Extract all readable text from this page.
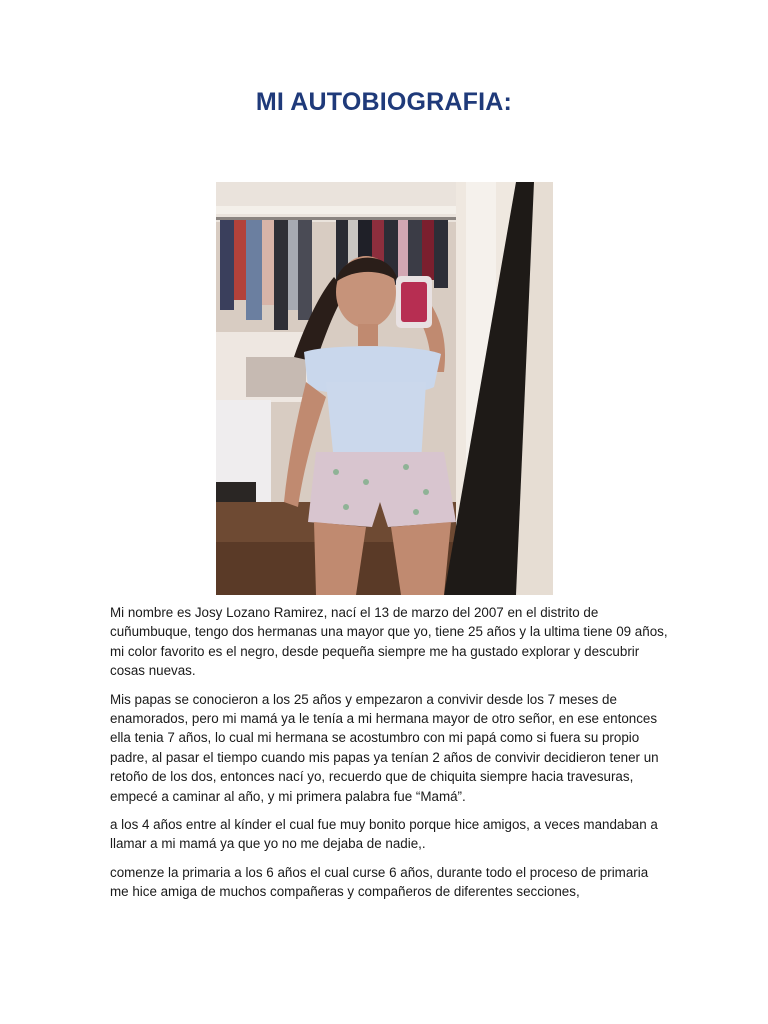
MI AUTOBIOGRAFIA:

Mi nombre es Josy Lozano Ramirez, nací el 13 de marzo del 2007 en el distrito de cuñumbuque, tengo dos hermanas una mayor que yo, tiene 25 años y la ultima tiene 09 años, mi color favorito es el negro, desde pequeña siempre me ha gustado explorar y descubrir cosas nuevas.

Mis papas se conocieron a los 25 años y empezaron a convivir desde los 7 meses de enamorados, pero mi mamá ya le tenía a mi hermana mayor de otro señor, en ese entonces ella tenia 7 años, lo cual mi hermana se acostumbro con mi papá como si fuera su propio padre, al pasar el tiempo cuando mis papas ya tenían 2 años de convivir decidieron tener un retoño de los dos, entonces nací yo, recuerdo que de chiquita siempre hacia travesuras, empecé a caminar al año, y mi primera palabra fue “Mamá”.

a los 4 años entre al kínder el cual fue muy bonito porque hice amigos, a veces mandaban a llamar a mi mamá ya que yo no me dejaba de nadie,.

comenze la primaria a los 6 años el cual curse 6 años, durante todo el proceso de primaria me hice amiga de muchos compañeras y compañeros de diferentes secciones,
